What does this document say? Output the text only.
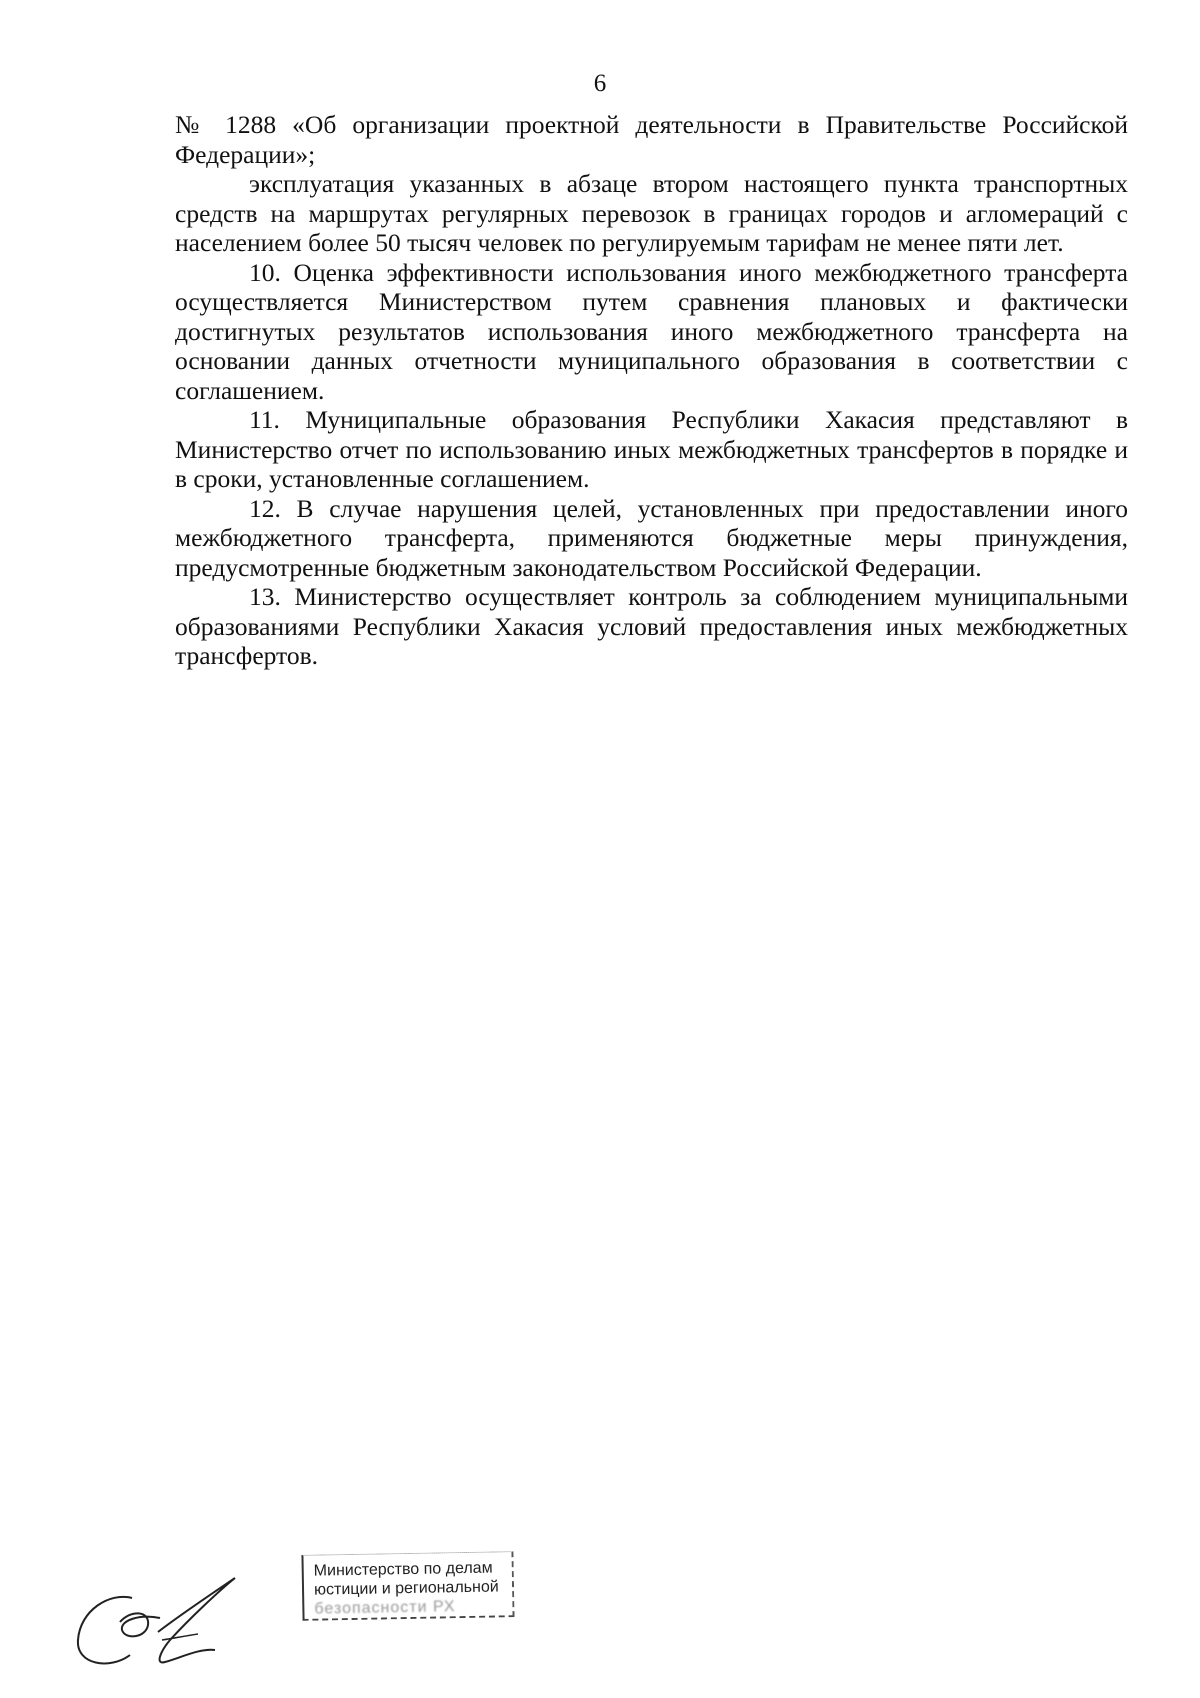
6

№ 1288 «Об организации проектной деятельности в Правительстве Российской Федерации»;

эксплуатация указанных в абзаце втором настоящего пункта транспортных средств на маршрутах регулярных перевозок в границах городов и агломераций с населением более 50 тысяч человек по регулируемым тарифам не менее пяти лет.

10. Оценка эффективности использования иного межбюджетного трансферта осуществляется Министерством путем сравнения плановых и фактически достигнутых результатов использования иного межбюджетного трансферта на основании данных отчетности муниципального образования в соответствии с соглашением.

11. Муниципальные образования Республики Хакасия представляют в Министерство отчет по использованию иных межбюджетных трансфертов в порядке и в сроки, установленные соглашением.

12. В случае нарушения целей, установленных при предоставлении иного межбюджетного трансферта, применяются бюджетные меры принуждения, предусмотренные бюджетным законодательством Российской Федерации.

13. Министерство осуществляет контроль за соблюдением муниципальными образованиями Республики Хакасия условий предоставления иных межбюджетных трансфертов.

Министерство по делам
юстиции и региональной
безопасности РХ
